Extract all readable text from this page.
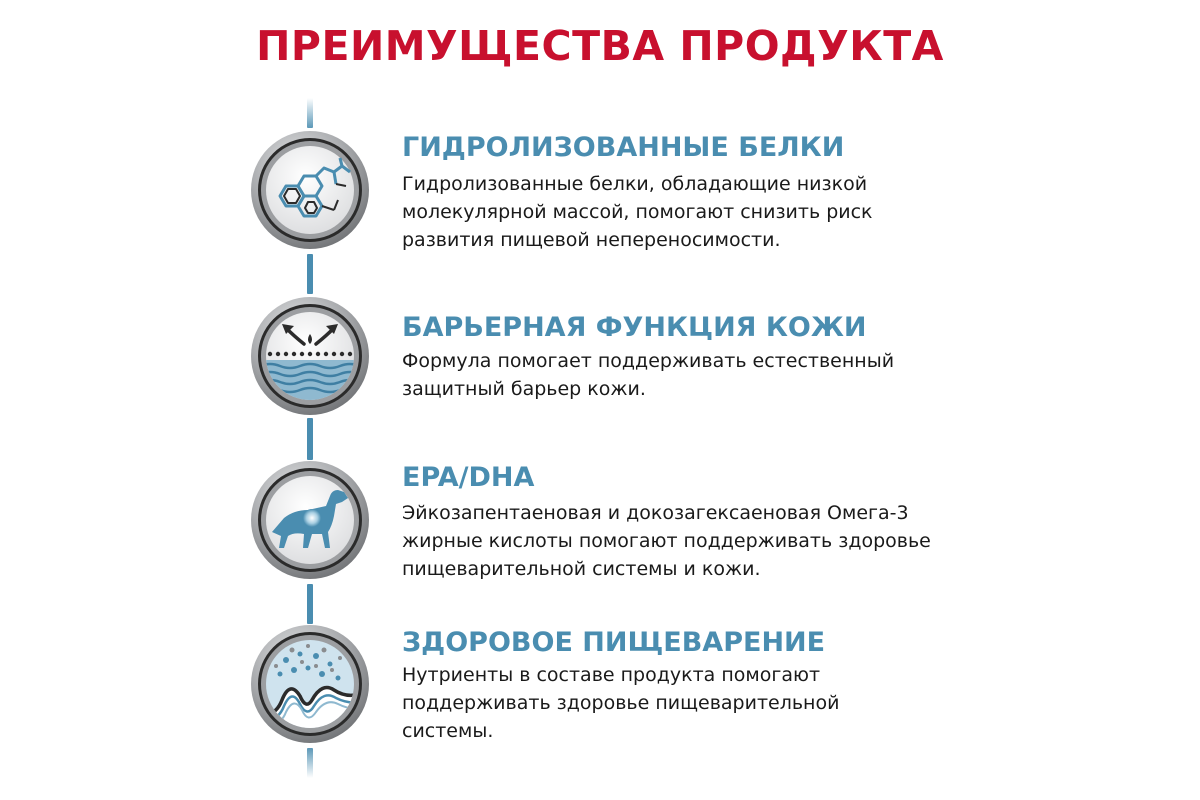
ПРЕИМУЩЕСТВА ПРОДУКТА
ГИДРОЛИЗОВАННЫЕ БЕЛКИ
Гидролизованные белки, обладающие низкой
молекулярной массой, помогают снизить риск
развития пищевой непереносимости.
БАРЬЕРНАЯ ФУНКЦИЯ КОЖИ
Формула помогает поддерживать естественный
защитный барьер кожи.
EPA/DHA
Эйкозапентаеновая и докозагексаеновая Омега-3
жирные кислоты помогают поддерживать здоровье
пищеварительной системы и кожи.
ЗДОРОВОЕ ПИЩЕВАРЕНИЕ
Нутриенты в составе продукта помогают
поддерживать здоровье пищеварительной
системы.
